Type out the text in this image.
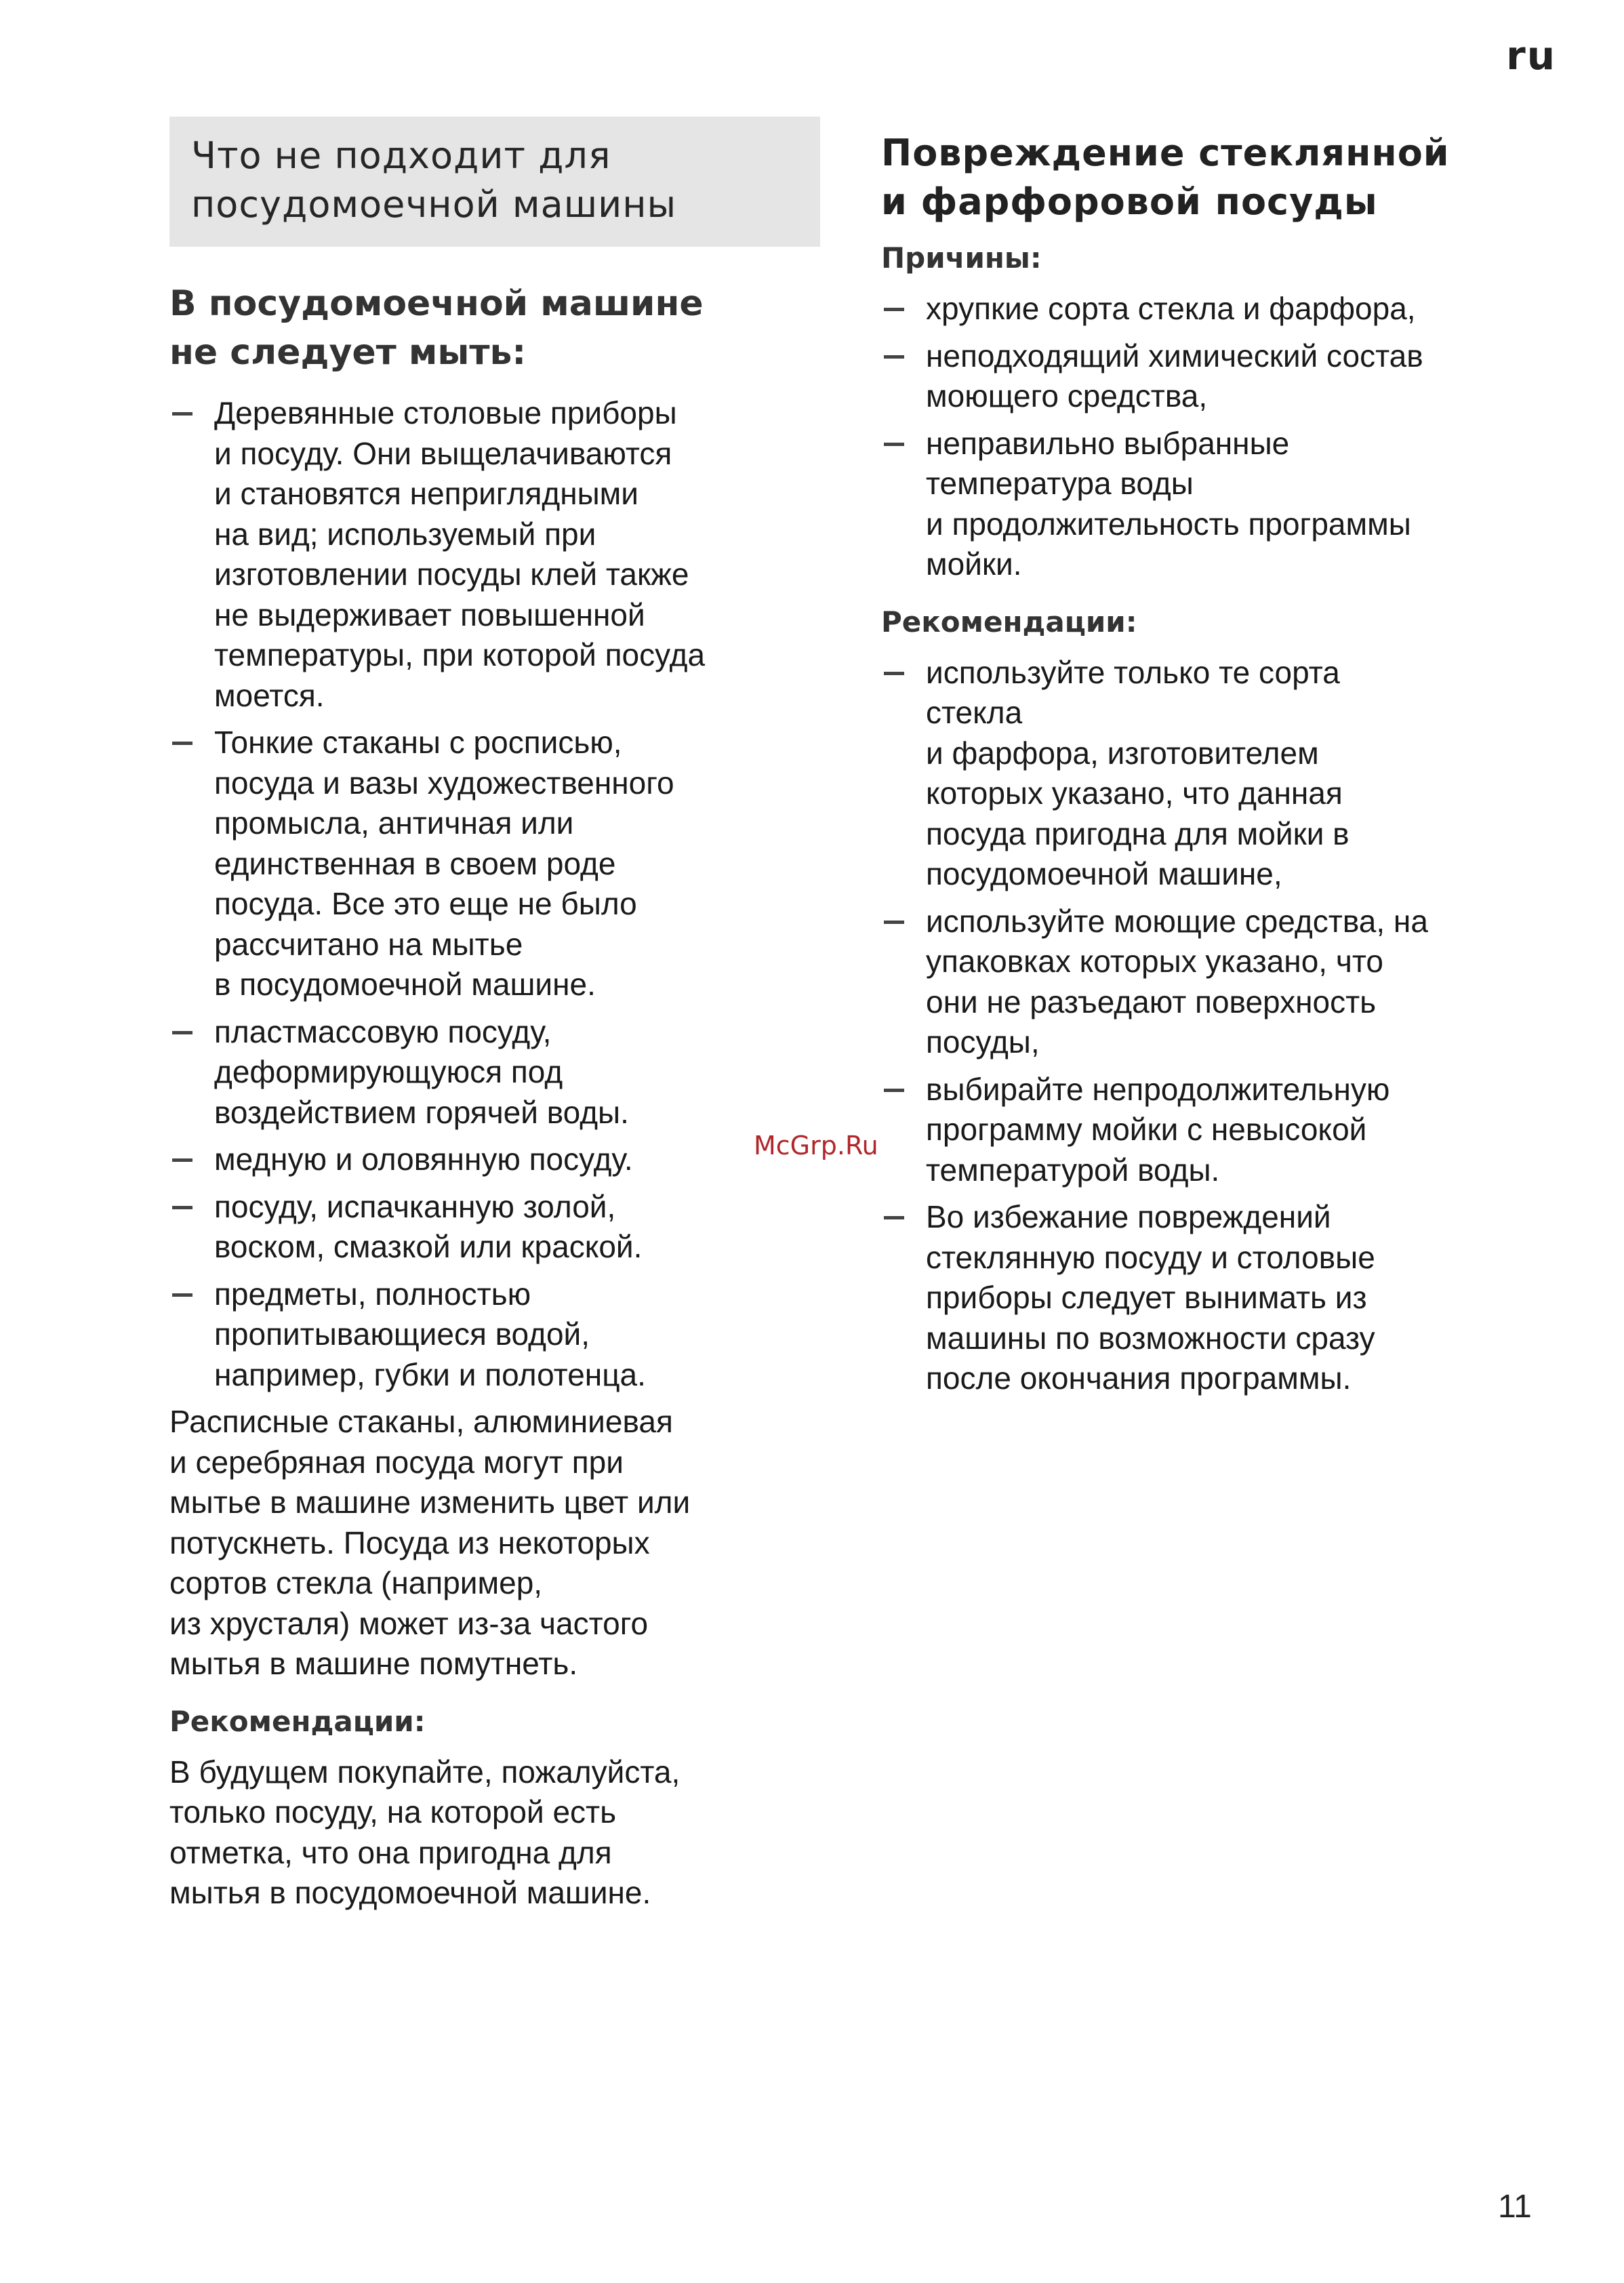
ru

Что не подходит для
посудомоечной машины

В посудомоечной машине
не следует мыть:

Деревянные столовые приборы
и посуду. Они выщелачиваются
и становятся неприглядными
на вид; используемый при
изготовлении посуды клей также
не выдерживает повышенной
температуры, при которой посуда
моется.
Тонкие стаканы с росписью,
посуда и вазы художественного
промысла, античная или
единственная в своем роде
посуда. Все это еще не было
рассчитано на мытье
в посудомоечной машине.
пластмассовую посуду,
деформирующуюся под
воздействием горячей воды.
медную и оловянную посуду.
посуду, испачканную золой,
воском, смазкой или краской.
предметы, полностью
пропитывающиеся водой,
например, губки и полотенца.

Расписные стаканы, алюминиевая
и серебряная посуда могут при
мытье в машине изменить цвет или
потускнеть. Посуда из некоторых
сортов стекла (например,
из хрусталя) может из-за частого
мытья в машине помутнеть.

Рекомендации:

В будущем покупайте, пожалуйста,
только посуду, на которой есть
отметка, что она пригодна для
мытья в посудомоечной машине.

Повреждение стеклянной
и фарфоровой посуды

Причины:

хрупкие сорта стекла и фарфора,
неподходящий химический состав
моющего средства,
неправильно выбранные
температура воды
и продолжительность программы
мойки.

Рекомендации:

используйте только те сорта
стекла
и фарфора, изготовителем
которых указано, что данная
посуда пригодна для мойки в
посудомоечной машине,
используйте моющие средства, на
упаковках которых указано, что
они не разъедают поверхность
посуды,
выбирайте непродолжительную
программу мойки с невысокой
температурой воды.
Во избежание повреждений
стеклянную посуду и столовые
приборы следует вынимать из
машины по возможности сразу
после окончания программы.
McGrp.Ru
11
